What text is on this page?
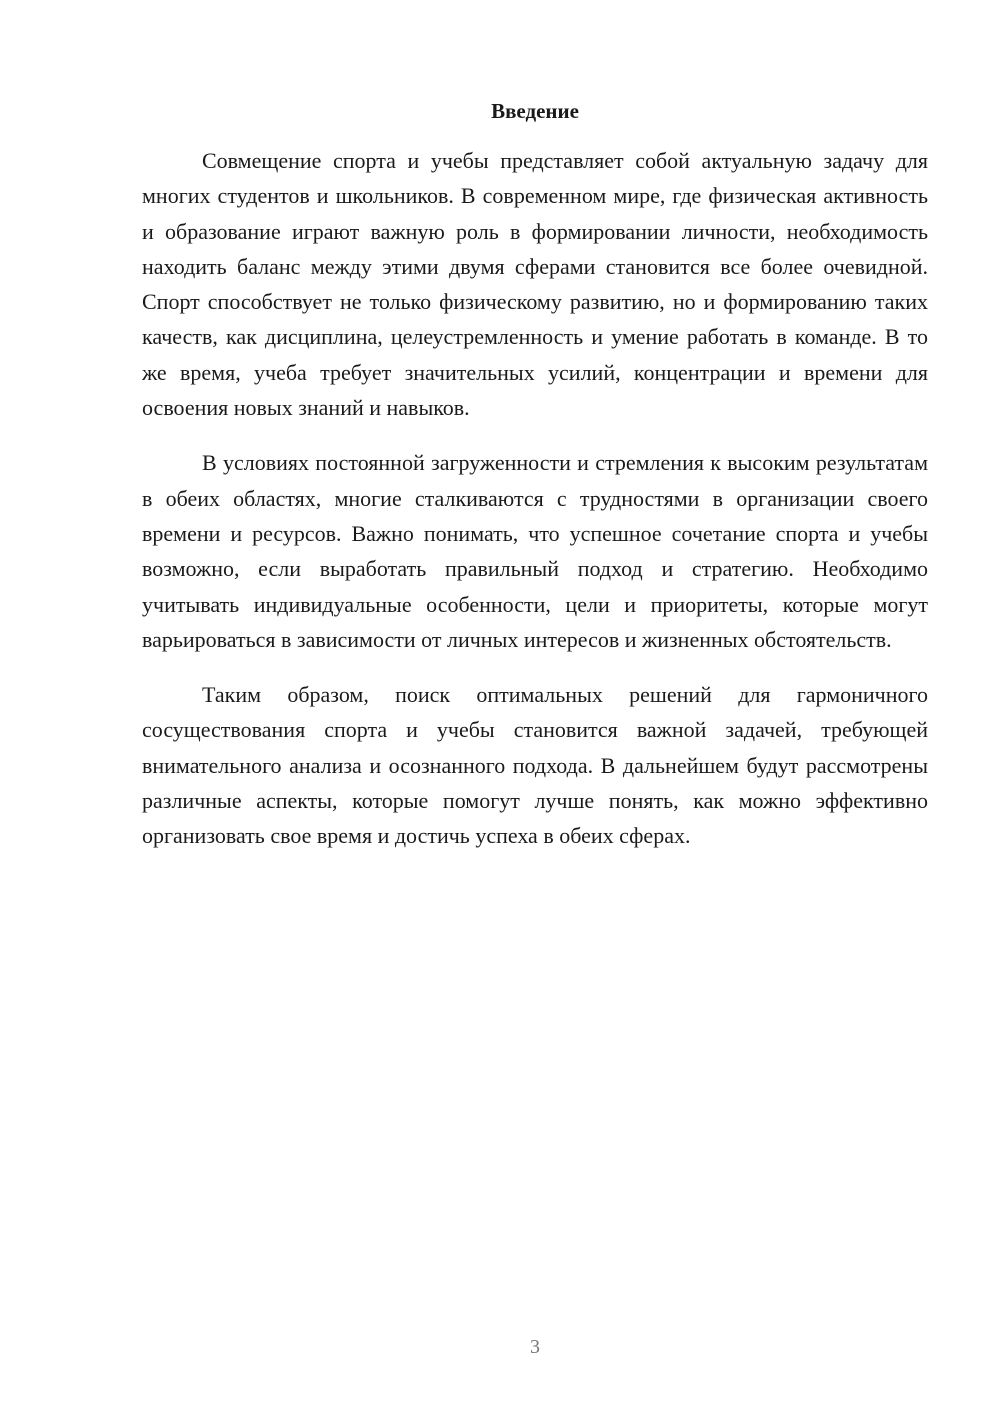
Введение

Совмещение спорта и учебы представляет собой актуальную задачу для многих студентов и школьников. В современном мире, где физическая активность и образование играют важную роль в формировании личности, необходимость находить баланс между этими двумя сферами становится все более очевидной. Спорт способствует не только физическому развитию, но и формированию таких качеств, как дисциплина, целеустремленность и умение работать в команде. В то же время, учеба требует значительных усилий, концентрации и времени для освоения новых знаний и навыков.

В условиях постоянной загруженности и стремления к высоким результатам в обеих областях, многие сталкиваются с трудностями в организации своего времени и ресурсов. Важно понимать, что успешное сочетание спорта и учебы возможно, если выработать правильный подход и стратегию. Необходимо учитывать индивидуальные особенности, цели и приоритеты, которые могут варьироваться в зависимости от личных интересов и жизненных обстоятельств.

Таким образом, поиск оптимальных решений для гармоничного сосуществования спорта и учебы становится важной задачей, требующей внимательного анализа и осознанного подхода. В дальнейшем будут рассмотрены различные аспекты, которые помогут лучше понять, как можно эффективно организовать свое время и достичь успеха в обеих сферах.

3
